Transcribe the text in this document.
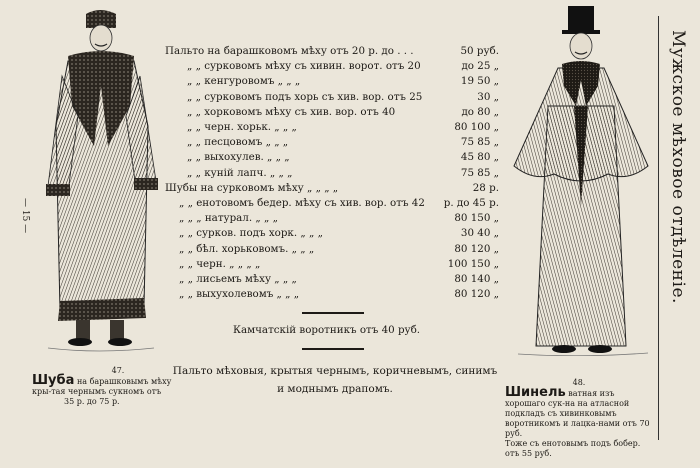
— 15 —
47.
Шуба на барашковымъ мѣху кры-тая чернымъ сукномъ отъ
35 р. до 75 р.
Пальто на барашковомъ мѣху отъ 20 р. до . . .	50 руб.
„ „ сурковомъ мѣху съ хивин. ворот. отъ 20	до 25 „
„ „ кенгуровомъ „ „ „	19 50 „
„ „ сурковомъ подъ хорь съ хив. вор. отъ 25	30 „
„ „ хорковомъ мѣху съ хив. вор. отъ 40	до 80 „
„ „ черн. хорьк. „ „ „	80 100 „
„ „ песцовомъ „ „ „	75 85 „
„ „ выхохулев. „ „ „	45 80 „
„ „ куній лапч. „ „ „	75 85 „
Шубы на сурковомъ мѣху „ „ „ „	28 р.
„ „ енотовомъ бедер. мѣху съ хив. вор. отъ 42	р. до 45 р.
„ „ „ натурал. „ „ „	80 150 „
„ „ сурков. подъ хорк. „ „ „	30 40 „
„ „ бѣл. хорьковомъ. „ „ „	80 120 „
„ „ черн. „ „ „ „	100 150 „
„ „ лисьемъ мѣху „ „ „	80 140 „
„ „ выхухолевомъ „ „ „	80 120 „
Камчатскій воротникъ отъ 40 руб.
Пальто мѣховыя, крытыя чернымъ, коричневымъ, синимъ и моднымъ драпомъ.
48.
Шинель ватная изъ хорошаго сук-на на атласной подкладъ съ хивинковымъ воротникомъ и лацка-нами отъ 70 руб.
Тоже съ енотовымъ подъ бобер. отъ 55 руб.
Мужское мѣховое отдѣленіе.
